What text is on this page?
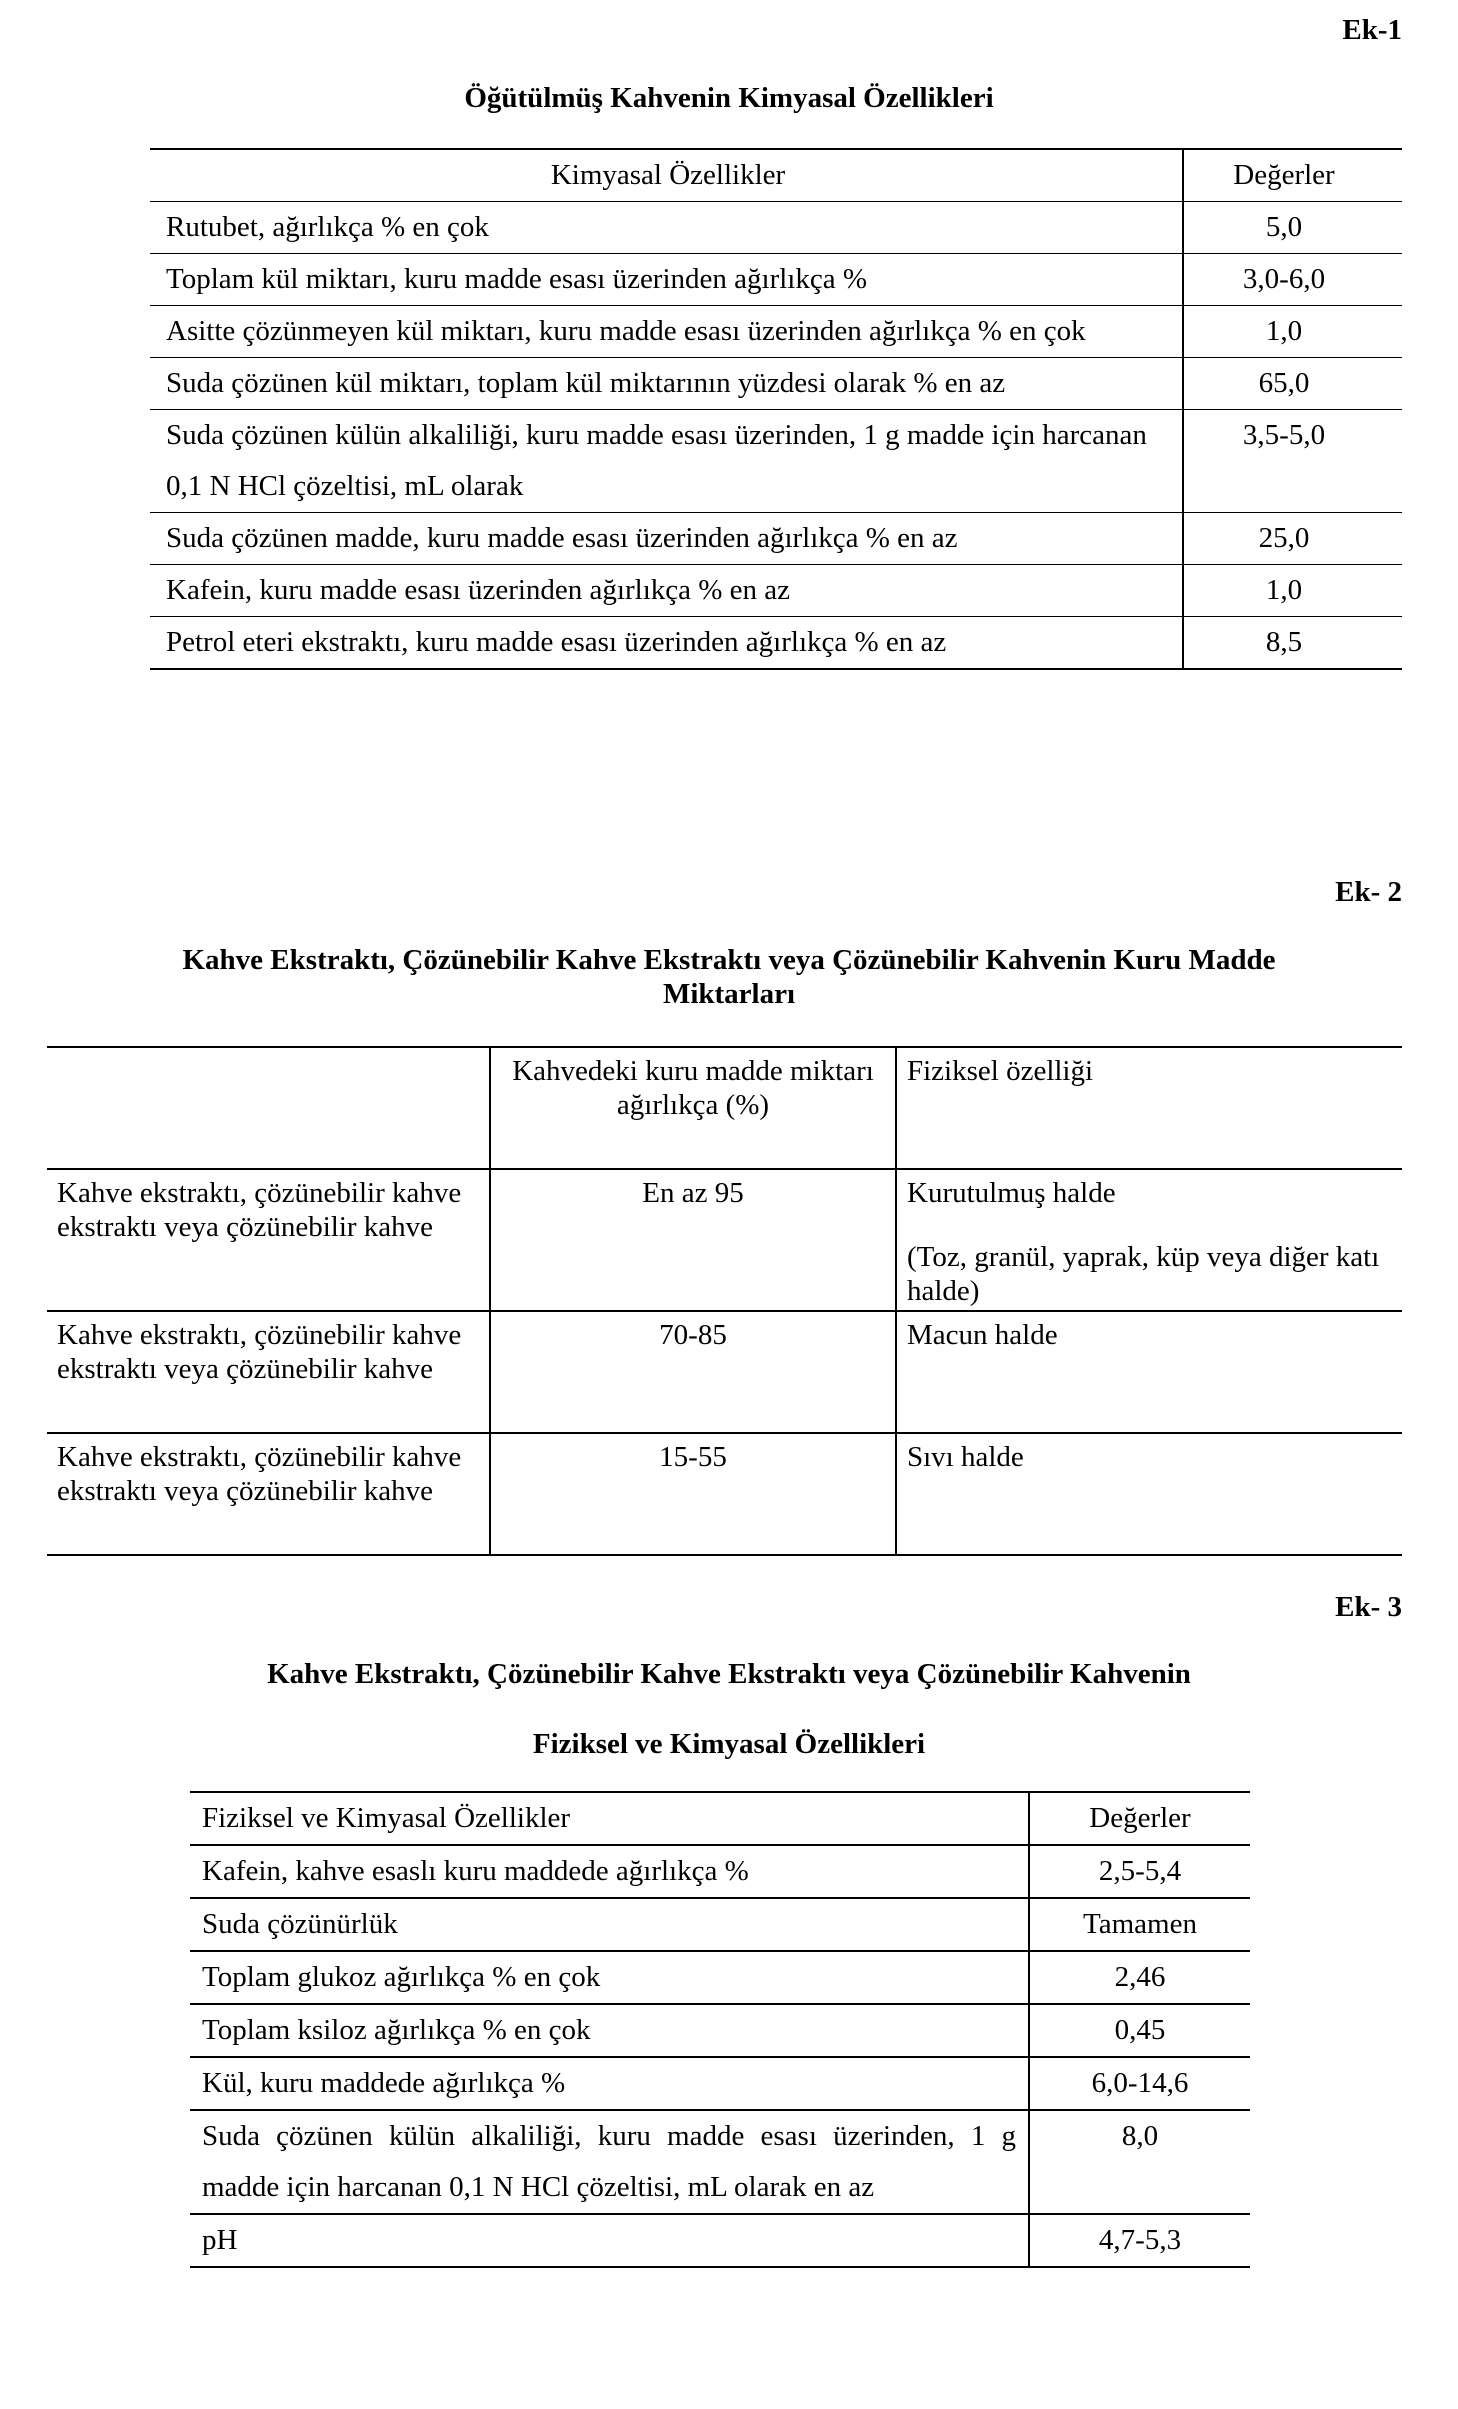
Ek-1
Öğütülmüş Kahvenin Kimyasal Özellikleri
Kimyasal Özellikler	Değerler
Rutubet, ağırlıkça % en çok	5,0
Toplam kül miktarı, kuru madde esası üzerinden ağırlıkça %	3,0-6,0
Asitte çözünmeyen kül miktarı, kuru madde esası üzerinden ağırlıkça % en çok	1,0
Suda çözünen kül miktarı, toplam kül miktarının yüzdesi olarak % en az	65,0
Suda çözünen külün alkaliliği, kuru madde esası üzerinden, 1 g madde için harcanan 0,1 N HCl çözeltisi, mL olarak	3,5-5,0
Suda çözünen madde, kuru madde esası üzerinden ağırlıkça % en az	25,0
Kafein, kuru madde esası üzerinden ağırlıkça % en az	1,0
Petrol eteri ekstraktı, kuru madde esası üzerinden ağırlıkça % en az	8,5
Ek- 2
Kahve Ekstraktı, Çözünebilir Kahve Ekstraktı veya Çözünebilir Kahvenin Kuru Madde
Miktarları
	Kahvedeki kuru madde miktarı ağırlıkça (%)	Fiziksel özelliği
Kahve ekstraktı, çözünebilir kahve ekstraktı veya çözünebilir kahve	En az 95	Kurutulmuş halde
(Toz, granül, yaprak, küp veya diğer katı halde)

Kahve ekstraktı, çözünebilir kahve ekstraktı veya çözünebilir kahve	70-85	Macun halde
Kahve ekstraktı, çözünebilir kahve ekstraktı veya çözünebilir kahve	15-55	Sıvı halde
Ek- 3
Kahve Ekstraktı, Çözünebilir Kahve Ekstraktı veya Çözünebilir Kahvenin
Fiziksel ve Kimyasal Özellikleri
Fiziksel ve Kimyasal Özellikler	Değerler
Kafein, kahve esaslı kuru maddede ağırlıkça %	2,5-5,4
Suda çözünürlük	Tamamen
Toplam glukoz ağırlıkça % en çok	2,46
Toplam ksiloz ağırlıkça % en çok	0,45
Kül, kuru maddede ağırlıkça %	6,0-14,6
Suda çözünen külün alkaliliği, kuru madde esası üzerinden, 1 g madde için harcanan 0,1 N HCl çözeltisi, mL olarak en az	8,0
pH	4,7-5,3
